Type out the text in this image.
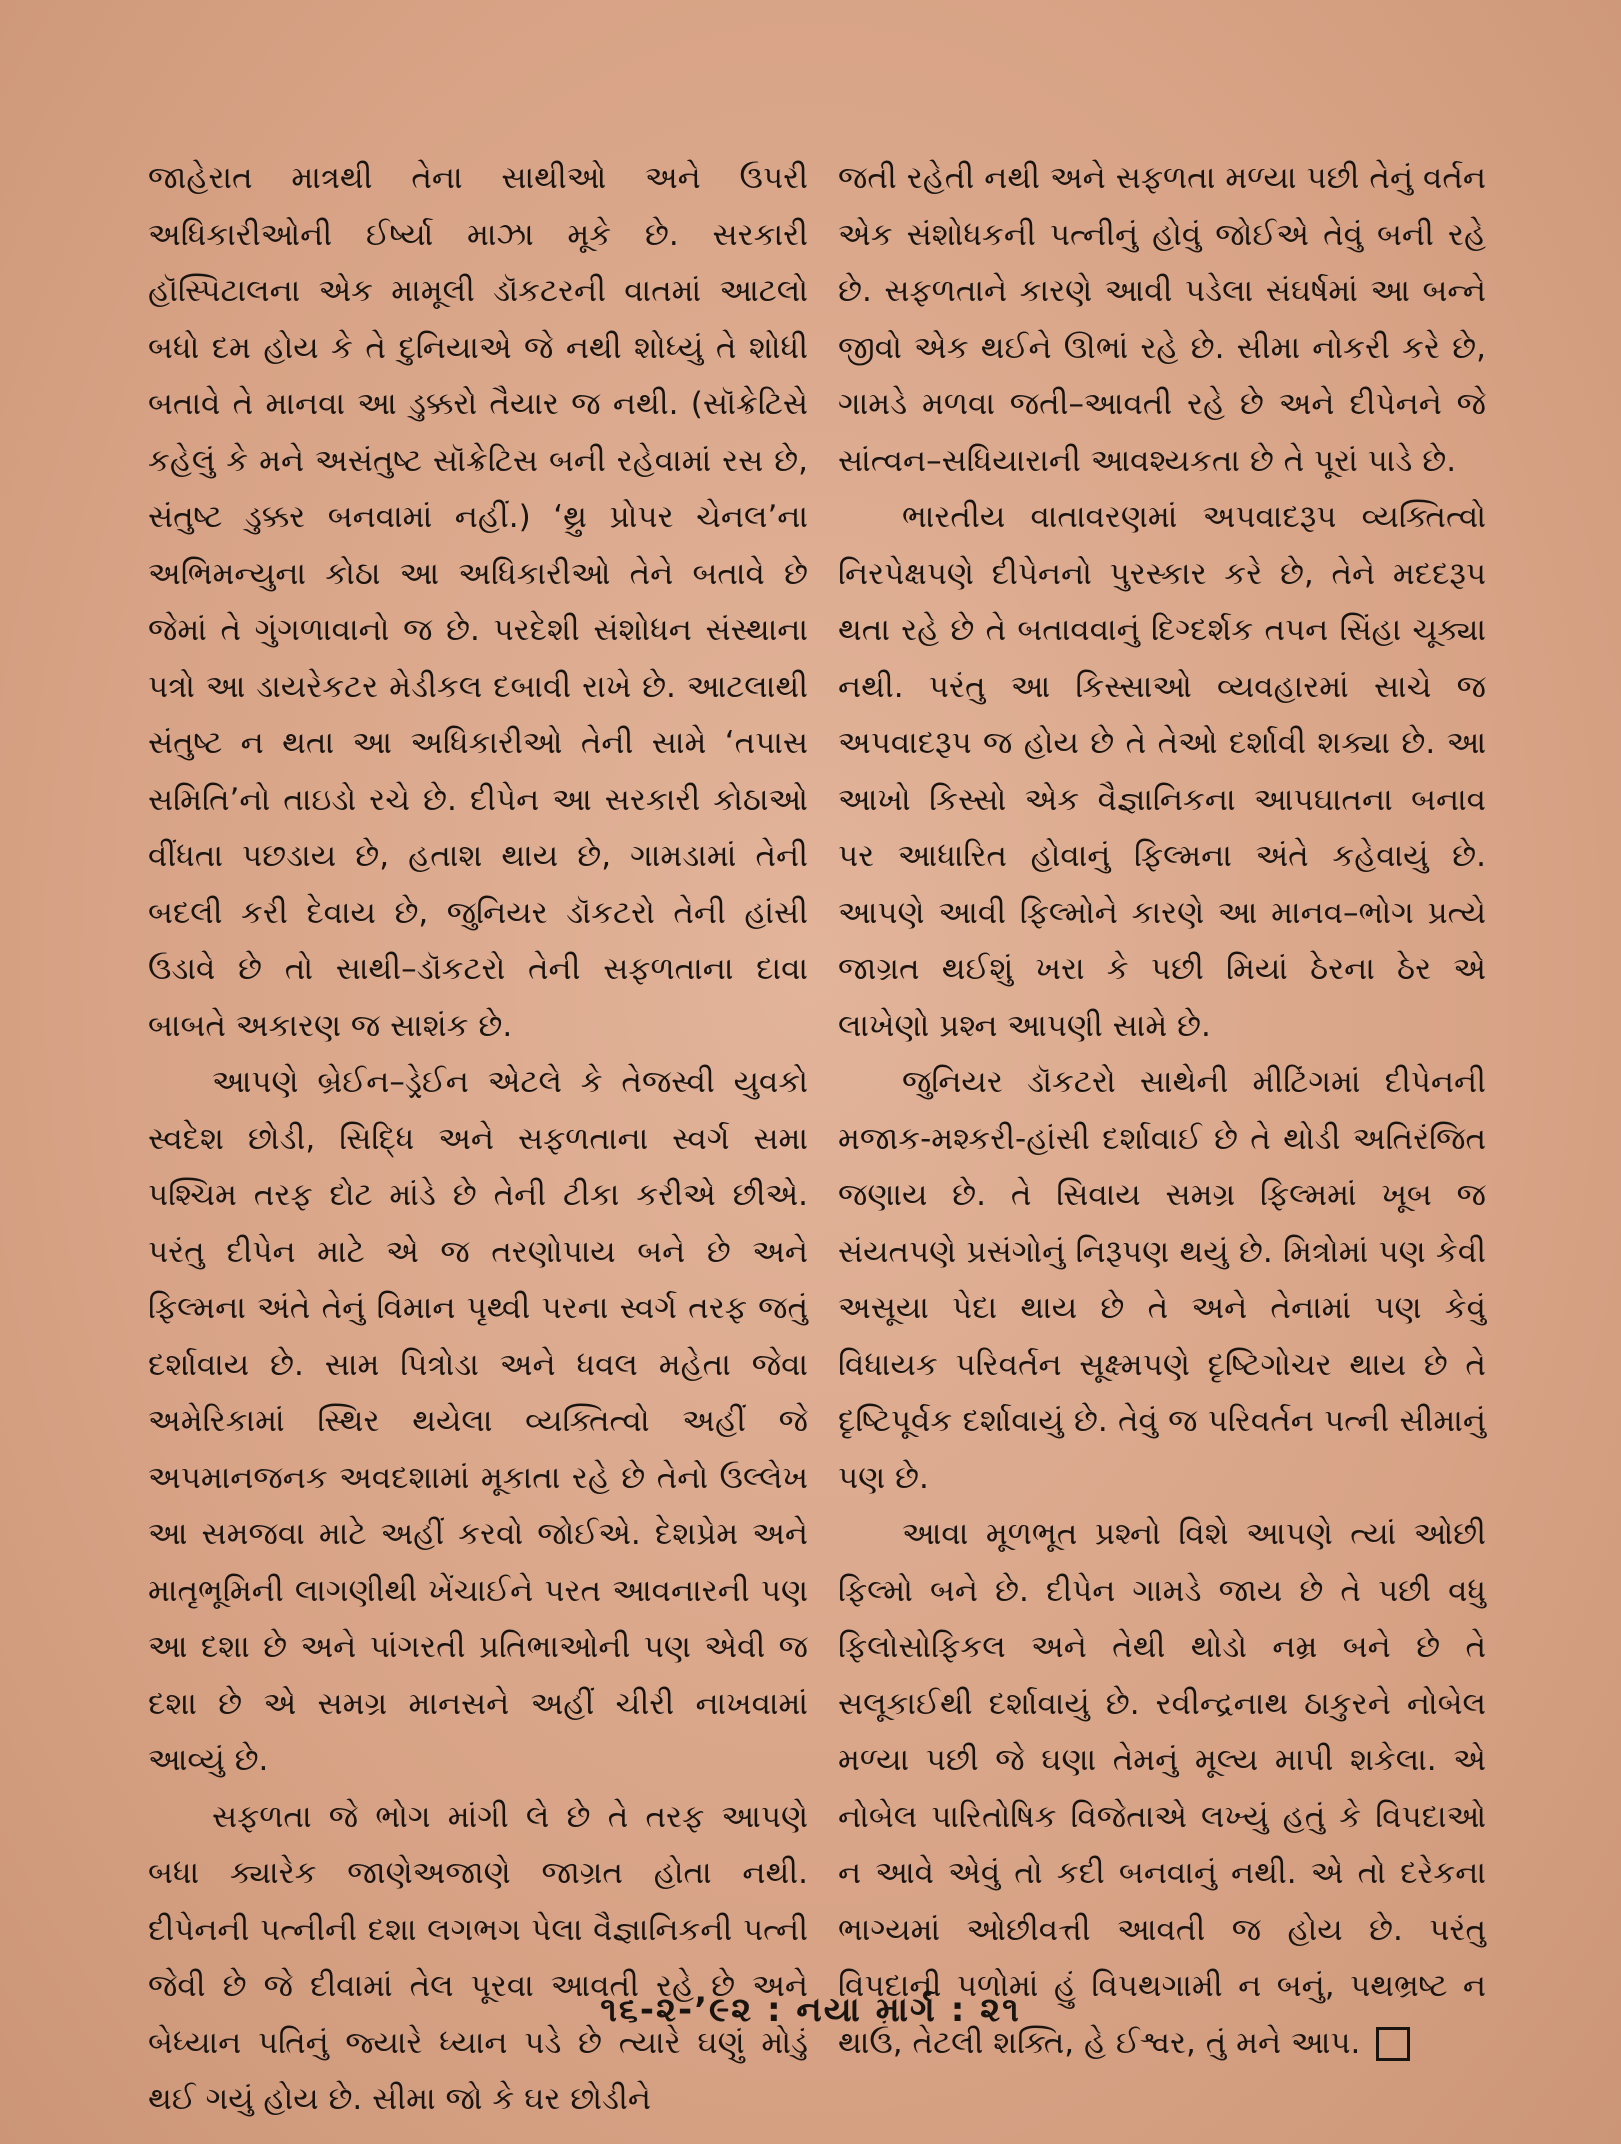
જાહેરાત માત્રથી તેના સાથીઓ અને ઉપરી અધિકારીઓની ઈર્ષ્યા માઝા મૂકે છે. સરકારી હૉસ્પિટાલના એક મામૂલી ડૉકટરની વાતમાં આટલો બધો દમ હોય કે તે દુનિયાએ જે નથી શોધ્યું તે શોધી બતાવે તે માનવા આ ડુક્કરો તૈયાર જ નથી. (સૉક્રેટિસે કહેલું કે મને અસંતુષ્ટ સૉક્રેટિસ બની રહેવામાં રસ છે, સંતુષ્ટ ડુક્કર બનવામાં નહીં.) ‘થ્રુ પ્રોપર ચેનલ’ના અભિમન્યુના કોઠા આ અધિકારીઓ તેને બતાવે છે જેમાં તે ગુંગળાવાનો જ છે. પરદેશી સંશોધન સંસ્થાના પત્રો આ ડાયરેકટર મેડીકલ દબાવી રાખે છે. આટલાથી સંતુષ્ટ ન થતા આ અધિકારીઓ તેની સામે ‘તપાસ સમિતિ’નો તાઇડો રચે છે. દીપેન આ સરકારી કોઠાઓ વીંધતા પછડાય છે, હતાશ થાય છે, ગામડામાં તેની બદલી કરી દેવાય છે, જુનિયર ડૉકટરો તેની હાંસી ઉડાવે છે તો સાથી–ડૉકટરો તેની સફળતાના દાવા બાબતે અકારણ જ સાશંક છે.

આપણે બ્રેઈન–ડ્રેઈન એટલે કે તેજસ્વી યુવકો સ્વદેશ છોડી, સિદ્ધિ અને સફળતાના સ્વર્ગ સમા પશ્ચિમ તરફ દોટ માંડે છે તેની ટીકા કરીએ છીએ. પરંતુ દીપેન માટે એ જ તરણોપાય બને છે અને ફિલ્મના અંતે તેનું વિમાન પૃથ્વી પરના સ્વર્ગ તરફ જતું દર્શાવાય છે. સામ પિત્રોડા અને ધવલ મહેતા જેવા અમેરિકામાં સ્થિર થયેલા વ્યક્તિત્વો અહીં જે અપમાનજનક અવદશામાં મૂકાતા રહે છે તેનો ઉલ્લેખ આ સમજવા માટે અહીં કરવો જોઈએ. દેશપ્રેમ અને માતૃભૂમિની લાગણીથી ખેંચાઈને પરત આવનારની પણ આ દશા છે અને પાંગરતી પ્રતિભાઓની પણ એવી જ દશા છે એ સમગ્ર માનસને અહીં ચીરી નાખવામાં આવ્યું છે.

સફળતા જે ભોગ માંગી લે છે તે તરફ આપણે બધા ક્યારેક જાણેઅજાણે જાગ્રત હોતા નથી. દીપેનની પત્નીની દશા લગભગ પેલા વૈજ્ઞાનિકની પત્ની જેવી છે જે દીવામાં તેલ પૂરવા આવતી રહે છે અને બેધ્યાન પતિનું જ્યારે ધ્યાન પડે છે ત્યારે ઘણું મોડું થઈ ગયું હોય છે. સીમા જો કે ઘર છોડીને

જતી રહેતી નથી અને સફળતા મળ્યા પછી તેનું વર્તન એક સંશોધકની પત્નીનું હોવું જોઈએ તેવું બની રહે છે. સફળતાને કારણે આવી પડેલા સંઘર્ષમાં આ બન્ને જીવો એક થઈને ઊભાં રહે છે. સીમા નોકરી કરે છે, ગામડે મળવા જતી–આવતી રહે છે અને દીપેનને જે સાંત્વન–સધિયારાની આવશ્યકતા છે તે પૂરાં પાડે છે.

ભારતીય વાતાવરણમાં અપવાદરૂપ વ્યક્તિત્વો નિરપેક્ષપણે દીપેનનો પુરસ્કાર કરે છે, તેને મદદરૂપ થતા રહે છે તે બતાવવાનું દિગ્દર્શક તપન સિંહા ચૂક્યા નથી. પરંતુ આ કિસ્સાઓ વ્યવહારમાં સાચે જ અપવાદરૂપ જ હોય છે તે તેઓ દર્શાવી શક્યા છે. આ આખો કિસ્સો એક વૈજ્ઞાનિકના આપઘાતના બનાવ પર આધારિત હોવાનું ફિલ્મના અંતે કહેવાયું છે. આપણે આવી ફિલ્મોને કારણે આ માનવ–ભોગ પ્રત્યે જાગ્રત થઈશું ખરા કે પછી મિયાં ઠેરના ઠેર એ લાખેણો પ્રશ્ન આપણી સામે છે.

જુનિયર ડૉકટરો સાથેની મીટિંગમાં દીપેનની મજાક-મશ્કરી-હાંસી દર્શાવાઈ છે તે થોડી અતિરંજિત જણાય છે. તે સિવાય સમગ્ર ફિલ્મમાં ખૂબ જ સંયતપણે પ્રસંગોનું નિરૂપણ થયું છે. મિત્રોમાં પણ કેવી અસૂયા પેદા થાય છે તે અને તેનામાં પણ કેવું વિધાયક પરિવર્તન સૂક્ષ્મપણે દૃષ્ટિગોચર થાય છે તે દૃષ્ટિપૂર્વક દર્શાવાયું છે. તેવું જ પરિવર્તન પત્ની સીમાનું પણ છે.

આવા મૂળભૂત પ્રશ્નો વિશે આપણે ત્યાં ઓછી ફિલ્મો બને છે. દીપેન ગામડે જાય છે તે પછી વધુ ફિલોસોફિકલ અને તેથી થોડો નમ્ર બને છે તે સલૂકાઈથી દર્શાવાયું છે. રવીન્દ્રનાથ ઠાકુરને નોબેલ મળ્યા પછી જે ઘણા તેમનું મૂલ્ય માપી શકેલા. એ નોબેલ પારિતોષિક વિજેતાએ લખ્યું હતું કે વિપદાઓ ન આવે એવું તો કદી બનવાનું નથી. એ તો દરેકના ભાગ્યમાં ઓછીવત્તી આવતી જ હોય છે. પરંતુ વિપદાની પળોમાં હું વિપથગામી ન બનું, પથભ્રષ્ટ ન થાઉં, તેટલી શક્તિ, હે ઈશ્વર, તું મને આપ.

૧૬-૨-’૯૨ : નયા માર્ગ : ૨૧
